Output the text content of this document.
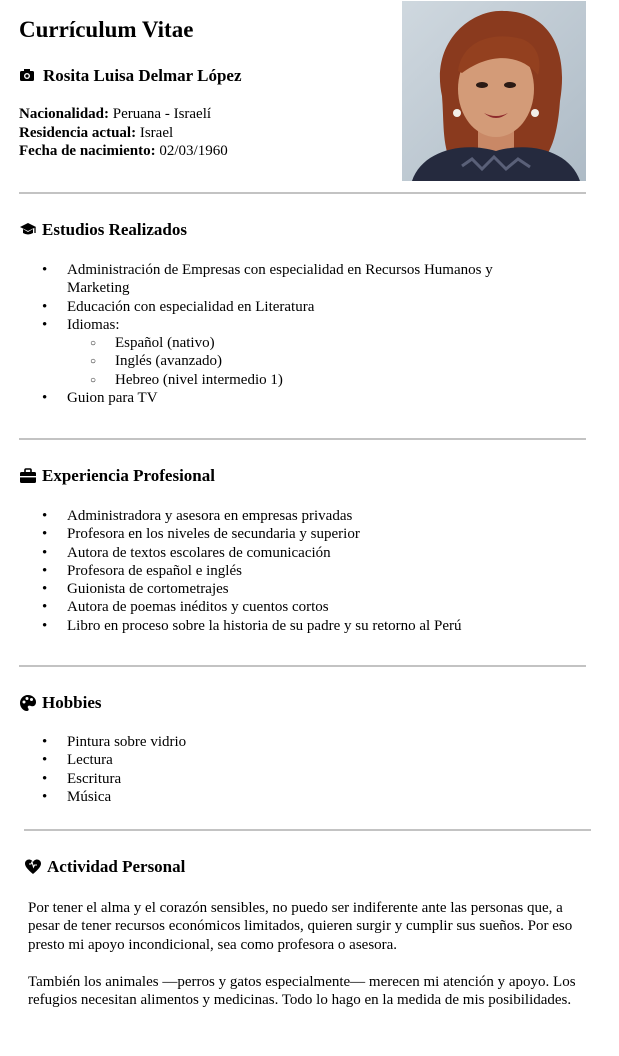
Currículum Vitae
Rosita Luisa Delmar López
Nacionalidad: Peruana - Israelí
Residencia actual: Israel
Fecha de nacimiento: 02/03/1960
Estudios Realizados
• Administración de Empresas con especialidad en Recursos Humanos y Marketing
• Educación con especialidad en Literatura
• Idiomas:
○ Español (nativo)
○ Inglés (avanzado)
○ Hebreo (nivel intermedio 1)
• Guion para TV
Experiencia Profesional
• Administradora y asesora en empresas privadas
• Profesora en los niveles de secundaria y superior
• Autora de textos escolares de comunicación
• Profesora de español e inglés
• Guionista de cortometrajes
• Autora de poemas inéditos y cuentos cortos
• Libro en proceso sobre la historia de su padre y su retorno al Perú
Hobbies
• Pintura sobre vidrio
• Lectura
• Escritura
• Música
Actividad Personal

Por tener el alma y el corazón sensibles, no puedo ser indiferente ante las personas que, a pesar de tener recursos económicos limitados, quieren surgir y cumplir sus sueños. Por eso presto mi apoyo incondicional, sea como profesora o asesora.

También los animales —perros y gatos especialmente— merecen mi atención y apoyo. Los refugios necesitan alimentos y medicinas. Todo lo hago en la medida de mis posibilidades.
